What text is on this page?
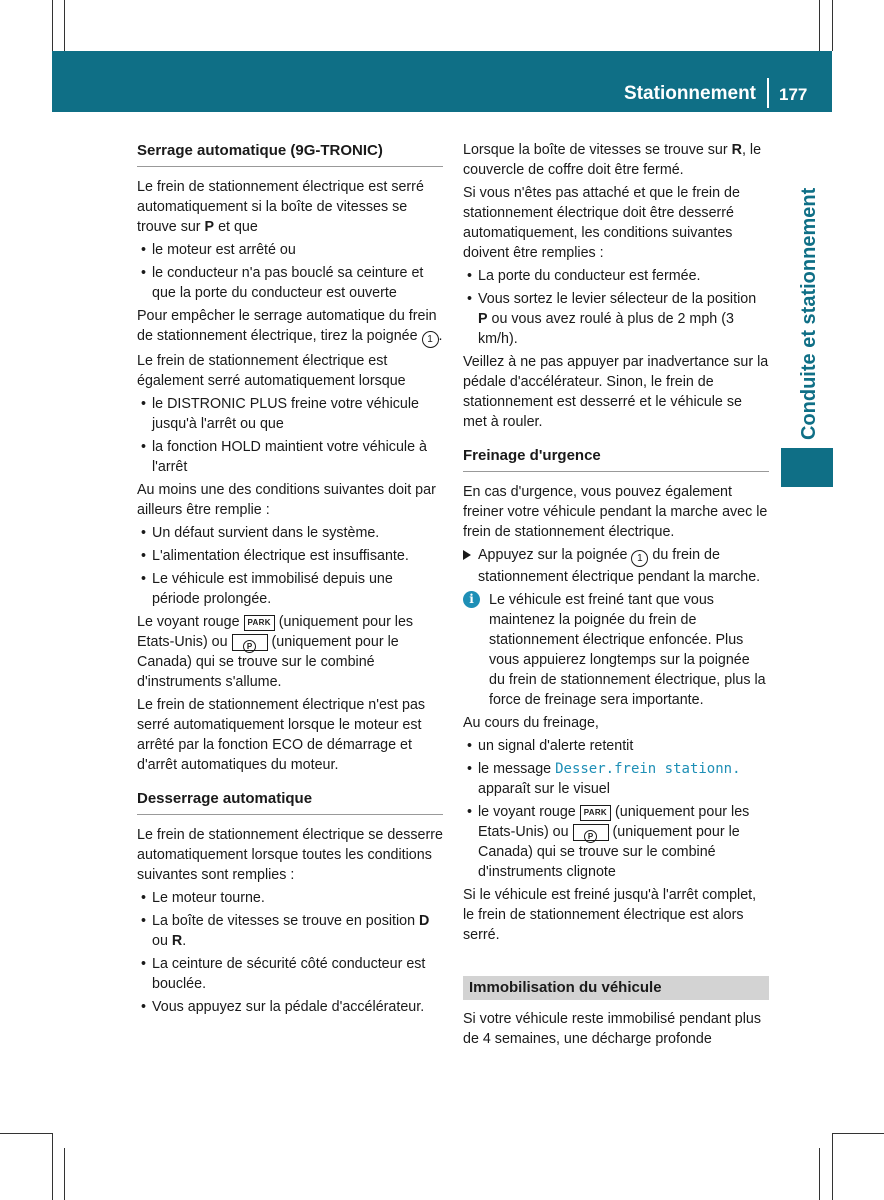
Stationnement 177
Conduite et stationnement
Serrage automatique (9G-TRONIC)

Le frein de stationnement électrique est serré automatiquement si la boîte de vitesses se trouve sur P et que

• le moteur est arrêté ou
• le conducteur n'a pas bouclé sa ceinture et que la porte du conducteur est ouverte

Pour empêcher le serrage automatique du frein de stationnement électrique, tirez la poignée 1 .

Le frein de stationnement électrique est également serré automatiquement lorsque

• le DISTRONIC PLUS freine votre véhicule jusqu'à l'arrêt ou que
• la fonction HOLD maintient votre véhicule à l'arrêt

Au moins une des conditions suivantes doit par ailleurs être remplie :

• Un défaut survient dans le système.
• L'alimentation électrique est insuffisante.
• Le véhicule est immobilisé depuis une période prolongée.

Le voyant rouge PARK (uniquement pour les Etats-Unis) ou P (uniquement pour le Canada) qui se trouve sur le combiné d'instruments s'allume.

Le frein de stationnement électrique n'est pas serré automatiquement lorsque le moteur est arrêté par la fonction ECO de démarrage et d'arrêt automatiques du moteur.

Desserrage automatique

Le frein de stationnement électrique se desserre automatiquement lorsque toutes les conditions suivantes sont remplies :

• Le moteur tourne.
• La boîte de vitesses se trouve en position D ou R.
• La ceinture de sécurité côté conducteur est bouclée.
• Vous appuyez sur la pédale d'accélérateur.

Lorsque la boîte de vitesses se trouve sur R, le couvercle de coffre doit être fermé.

Si vous n'êtes pas attaché et que le frein de stationnement électrique doit être desserré automatiquement, les conditions suivantes doivent être remplies :

• La porte du conducteur est fermée.
• Vous sortez le levier sélecteur de la position P ou vous avez roulé à plus de 2 mph (3 km/h).

Veillez à ne pas appuyer par inadvertance sur la pédale d'accélérateur. Sinon, le frein de stationnement est desserré et le véhicule se met à rouler.

Freinage d'urgence

En cas d'urgence, vous pouvez également freiner votre véhicule pendant la marche avec le frein de stationnement électrique.

Appuyez sur la poignée 1 du frein de stationnement électrique pendant la marche.
i	Le véhicule est freiné tant que vous maintenez la poignée du frein de stationnement électrique enfoncée. Plus vous appuierez longtemps sur la poignée du frein de stationnement électrique, plus la force de freinage sera importante.

Au cours du freinage,

• un signal d'alerte retentit
• le message Desser.frein stationn. apparaît sur le visuel
• le voyant rouge PARK (uniquement pour les Etats-Unis) ou P (uniquement pour le Canada) qui se trouve sur le combiné d'instruments clignote

Si le véhicule est freiné jusqu'à l'arrêt complet, le frein de stationnement électrique est alors serré.

Immobilisation du véhicule

Si votre véhicule reste immobilisé pendant plus de 4 semaines, une décharge profonde
